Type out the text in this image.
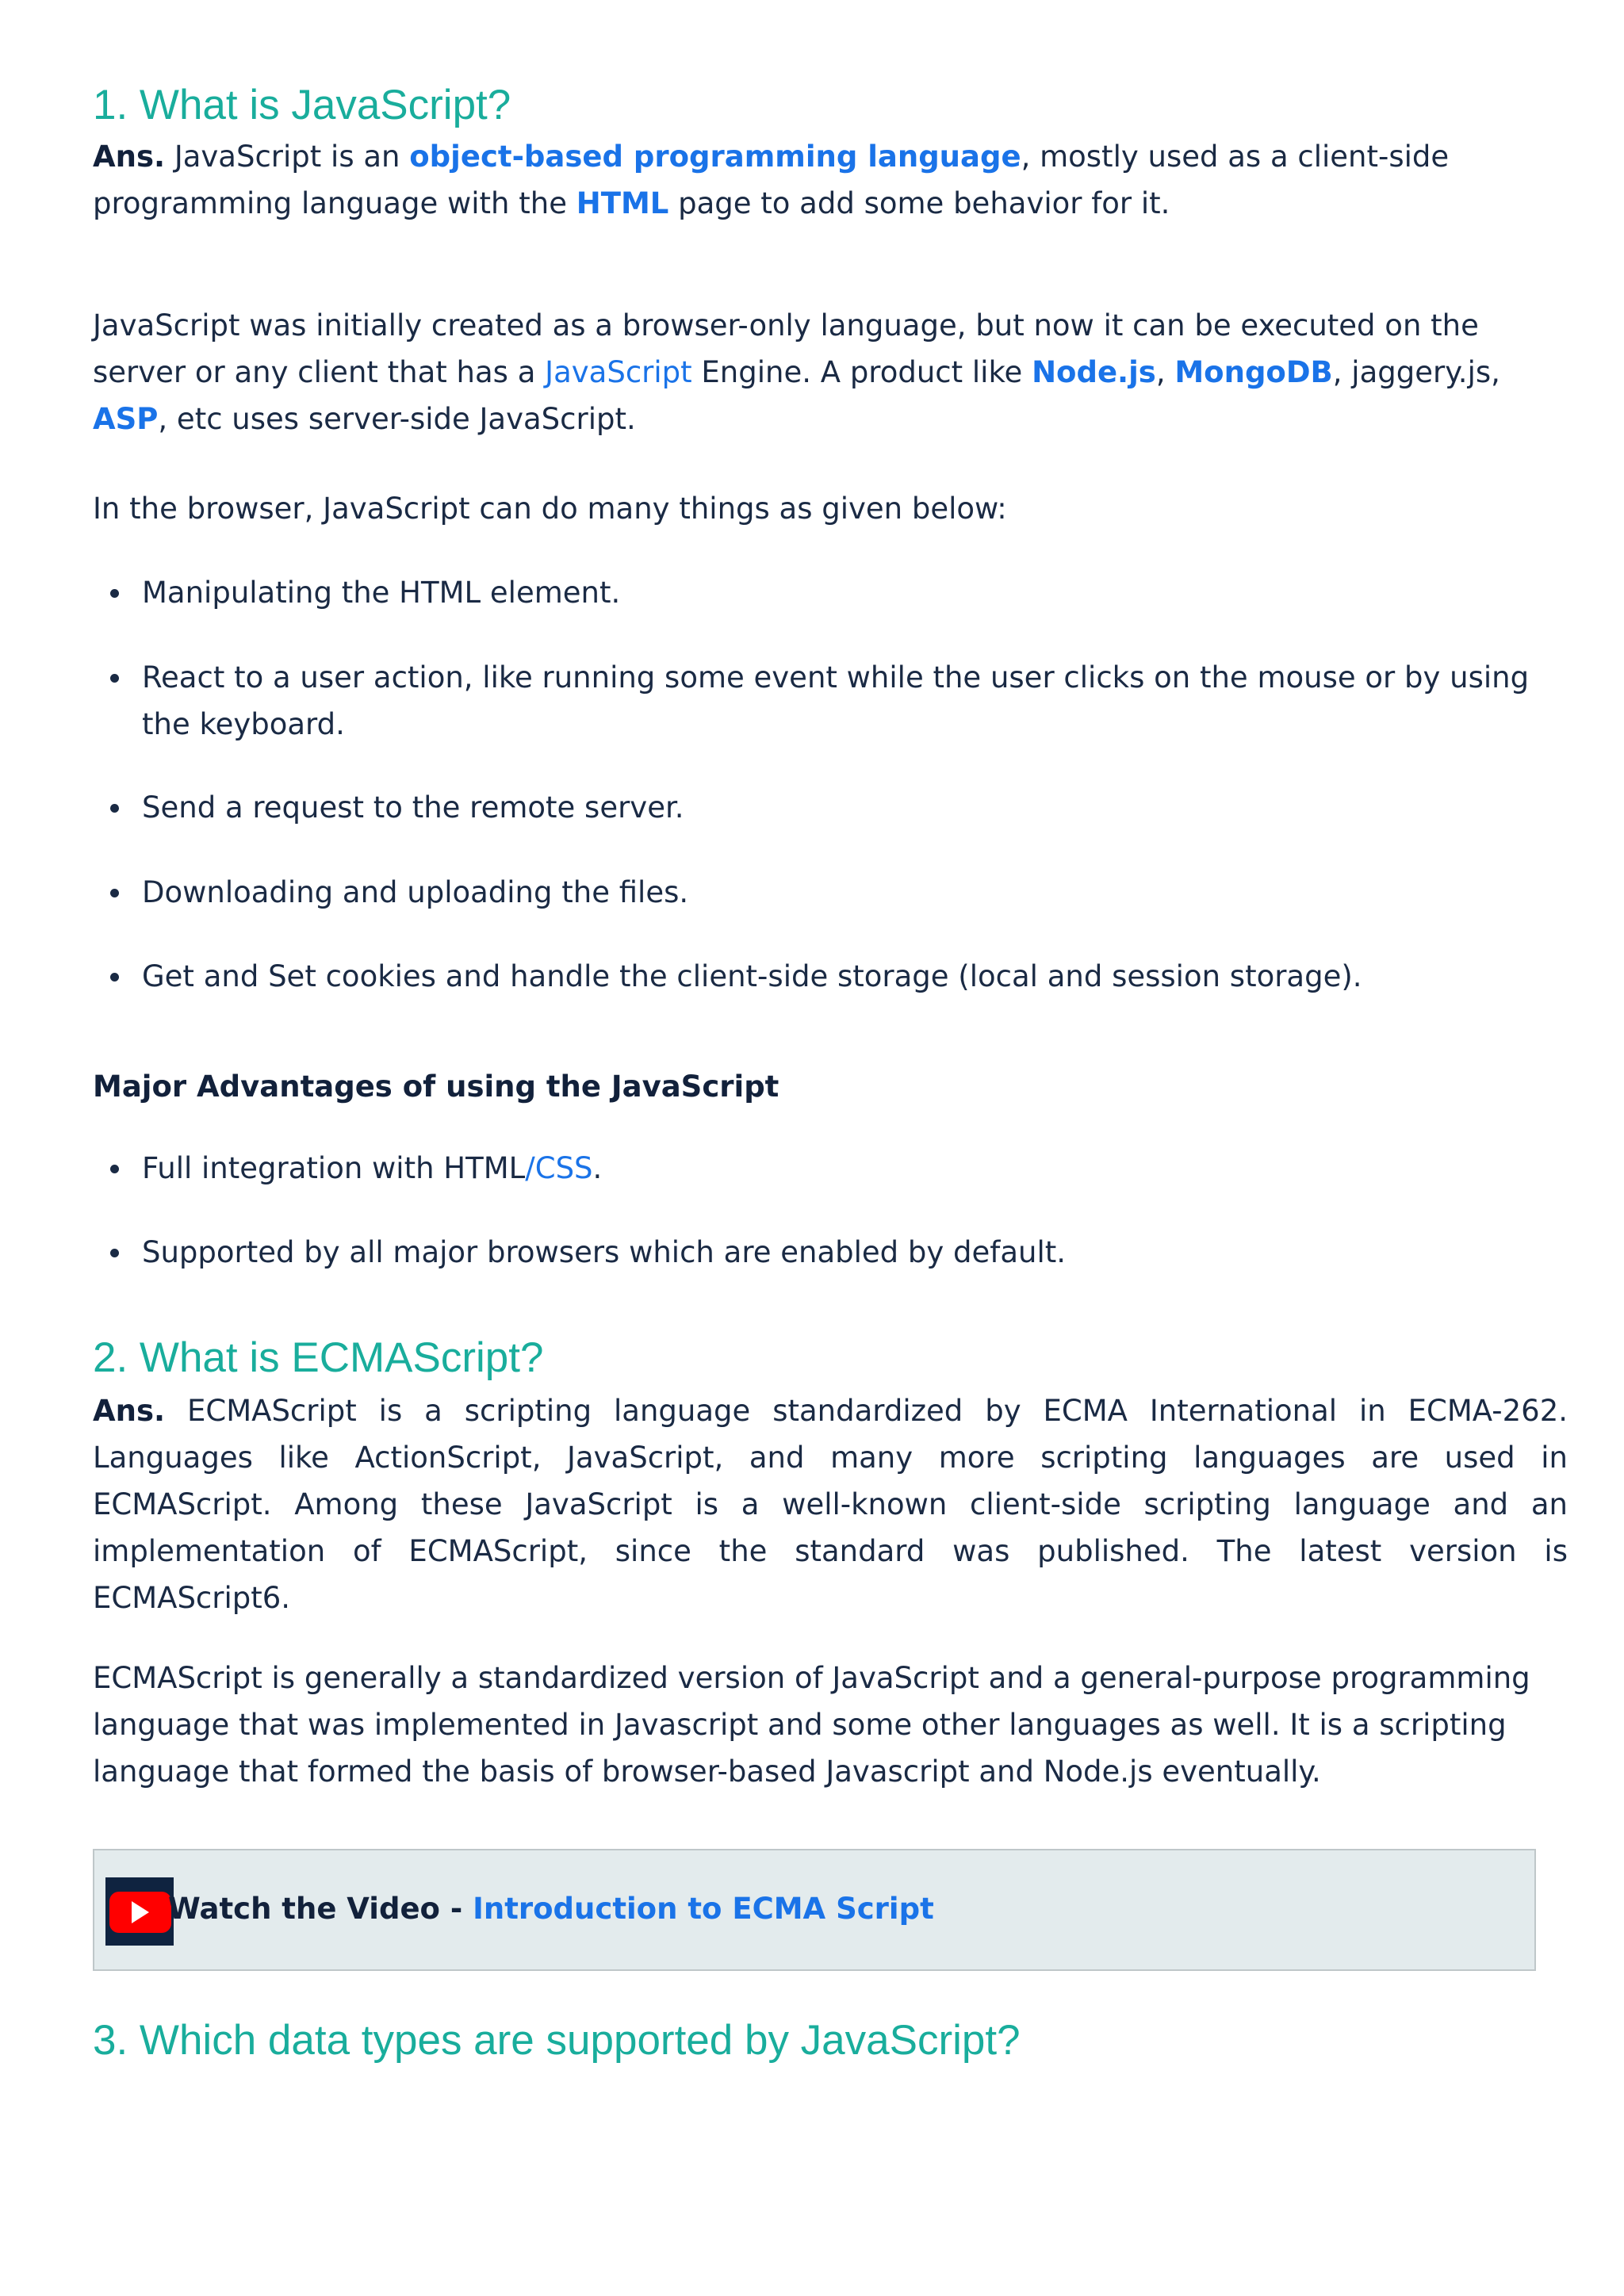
1. What is JavaScript?

Ans. JavaScript is an object-based programming language, mostly used as a client-side programming language with the HTML page to add some behavior for it.

JavaScript was initially created as a browser-only language, but now it can be executed on the server or any client that has a JavaScript Engine. A product like Node.js, MongoDB, jaggery.js, ASP, etc uses server-side JavaScript.

In the browser, JavaScript can do many things as given below:

Manipulating the HTML element.
React to a user action, like running some event while the user clicks on the mouse or by using the keyboard.
Send a request to the remote server.
Downloading and uploading the files.
Get and Set cookies and handle the client-side storage (local and session storage).
Major Advantages of using the JavaScript
Full integration with HTML/CSS.
Supported by all major browsers which are enabled by default.
2. What is ECMAScript?

Ans. ECMAScript is a scripting language standardized by ECMA International in ECMA-262. Languages like ActionScript, JavaScript, and many more scripting languages are used in ECMAScript. Among these JavaScript is a well-known client-side scripting language and an implementation of ECMAScript, since the standard was published. The latest version is ECMAScript6.

ECMAScript is generally a standardized version of JavaScript and a general-purpose programming language that was implemented in Javascript and some other languages as well. It is a scripting language that formed the basis of browser-based Javascript and Node.js eventually.

Watch the Video - Introduction to ECMA Script
3. Which data types are supported by JavaScript?
